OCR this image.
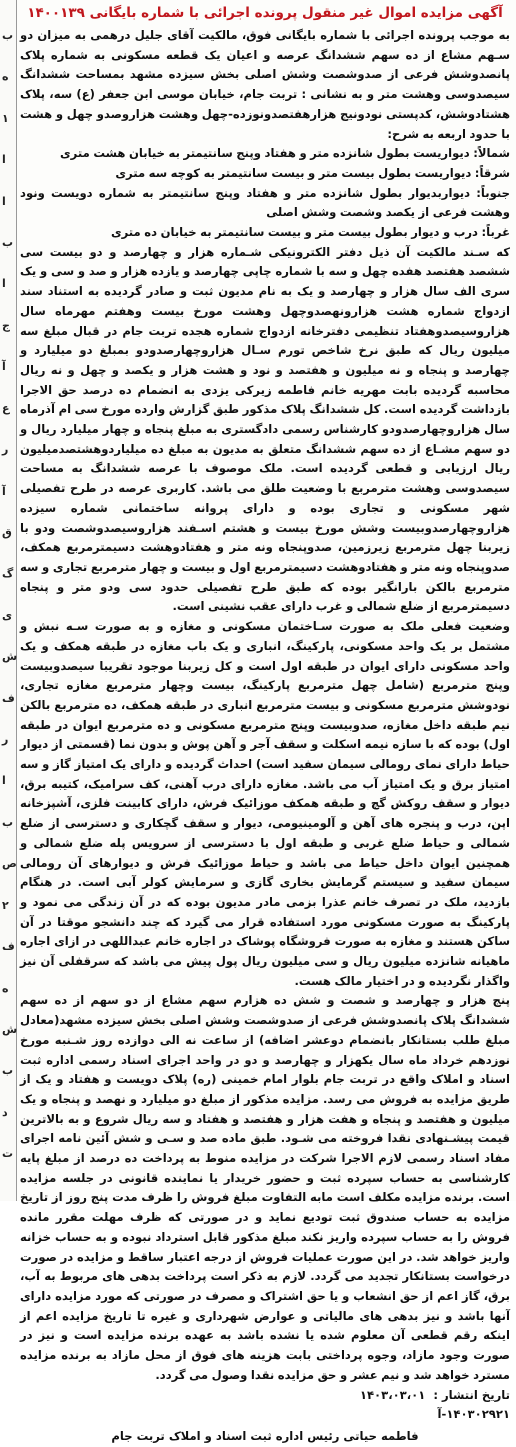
ب
ه
۱
ا
ا
ب
ا
ج
آ
ع
ر
آ
ق
گ
ی
ش
ف
ر
ا
ب
ص
۲
ف
ه
ش
ب
د
ت
آگهی مزایده اموال غیر منقول پرونده اجرائی با شماره بایگانی ۱۴۰۰۱۳۹

به موجب پرونده اجرائی با شماره بایگانی فوق، مالکیت آقای جلیل درهمی به میزان دو سـهم مشاع از ده سهم ششدانگ عرصه و اعیان یک قطعه مسکونی به شماره پلاک پانصدوشش فرعی از صدوشصت وشش اصلی بخش سیزده مشهد بمساحت ششدانگ سیصدوسی وهشت متر و به نشانی : تربت جام، خیابان موسی ابن جعفر (ع) سه، پلاک هشتادوشش، کدپستی نودونیج هزارهفتصدونوزده-چهل وهشت هزاروصدو چهل و هشت با حدود اربعه به شرح:

شمالاً: دیواریست بطول شانزده متر و هفتاد وپنج سانتیمتر به خیابان هشت متری

شرقاً: دیواریست بطول بیست متر و بیست سانتیمتر به کوچه سه متری

جنوباً: دیواربدیوار بطول شانزده متر و هفتاد وپنج سانتیمتر به شماره دویست ونود وهشت فرعی از یکصد وشصت وشش اصلی

غرباً: درب و دیوار بطول بیست متر و بیست سانتیمتر به خیابان ده متری

که سـند مالکیت آن ذیل دفتر الکترونیکی شـماره هزار و چهارصد و دو بیست سی ششصد هفتصد هفده چهل و سه با شماره چاپی چهارصد و یازده هزار و صد و سی و یک سری الف سال هزار و چهارصد و یک به نام مدیون ثبت و صادر گردیده به استناد سند ازدواج شماره هشت هزارونهصدوچهل وهشت مورخ بیست وهفتم مهرماه سال هزاروسیصدوهفتاد تنظیمی دفترخانه ازدواج شماره هجده تربت جام در قبال مبلغ سه میلیون ریال که طبق نرخ شاخص تورم سـال هزاروچهارصدودو بمبلغ دو میلیارد و چهارصد و پنجاه و نه میلیون و هفتصد و نود و هشت هزار و یکصد و چهل و نه ریال محاسبه گردیده بابت مهریه خانم فاطمه زیرکی یزدی به انضمام ده درصد حق الاجرا بازداشت گردیده است. کل ششدانگ پلاک مذکور طبق گزارش وارده مورخ سی ام آذرماه سال هزاروچهارصدودو کارشناس رسمی دادگستری به مبلغ پنجاه و چهار میلیارد ریال و دو سهم مشـاع از ده سهم ششدانگ متعلق به مدیون به مبلغ ده میلیاردوهشتصدمیلیون ریال ارزیابی و قطعی گردیده است. ملک موصوف با عرصه ششدانگ به مساحت سیصدوسی وهشت مترمربع با وضعیت طلق می باشد. کاربری عرصه در طرح تفصیلی شهر مسکونی و تجاری بوده و دارای پروانه ساختمانی شماره سیزده هزاروچهارصدوبیست وشش مورخ بیست و هشتم اسـفند هزاروسیصدوشصت ودو با زیربنا چهل مترمربع زیرزمین، صدوپنجاه ونه متر و هفتادوهشت دسیمترمربع همکف، صدوپنجاه ونه متر و هفتادوهشت دسیمترمربع اول و بیست و چهار مترمربع تجاری و سه مترمربع بالکن بارانگیر بوده که طبق طرح تفصیلی حدود سی ودو متر و پنجاه دسیمترمربع از ضلع شمالی و غرب دارای عقب نشینی است.

وضعیت فعلی ملک به صورت سـاختمان مسکونی و مغازه و به صورت سـه نبش و مشتمل بر یک واحد مسکونی، پارکینگ، انباری و یک باب مغازه در طبقه همکف و یک واحد مسکونی دارای ایوان در طبقه اول است و کل زیربنا موجود تقریبا سیصدوبیست وپنج مترمربع (شامل چهل مترمربع پارکینگ، بیست وچهار مترمربع مغازه تجاری، نودوشش مترمربع مسکونی و بیست مترمربع انباری در طبقه همکف، ده مترمربع بالکن نیم طبقه داخل مغازه، صدوبیست وپنج مترمربع مسکونی و ده مترمربع ایوان در طبقه اول) بوده که با سازه نیمه اسکلت و سقف آجر و آهن پوش و بدون نما (قسمتی از دیوار حیاط دارای نمای رومالی سیمان سفید است) احداث گردیده و دارای یک امتیاز گاز و سه امتیاز برق و یک امتیاز آب می باشد. مغازه دارای درب آهنی، کف سرامیک، کتیبه برق، دیوار و سقف روکش گچ و طبقه همکف موزائیک فرش، دارای کابینت فلزی، آشپزخانه اپن، درب و پنجره های آهن و آلومینیومی، دیوار و سقف گچکاری و دسترسی از ضلع شمالی و حیاط ضلع غربی و طبقه اول با دسترسی از سرویس پله ضلع شمالی و همچنین ایوان داخل حیاط می باشد و حیاط موزائیک فرش و دیوارهای آن رومالی سیمان سفید و سیستم گرمایش بخاری گازی و سرمایش کولر آبی است. در هنگام بازدید، ملک در تصرف خانم عذرا بزمی مادر مدیون بوده که در آن زندگی می نمود و پارکینگ به صورت مسکونی مورد استفاده قرار می گیرد که چند دانشجو موقتا در آن ساکن هستند و مغازه به صورت فروشگاه پوشاک در اجاره خانم عبداللهی در ازای اجاره ماهیانه شانزده میلیون ریال و سی میلیون ریال پول پیش می باشد که سرقفلی آن نیز واگذار نگردیده و در اختیار مالک هست.

پنج هزار و چهارصد و شصت و شش ده هزارم سهم مشاع از دو سهم از ده سهم ششدانگ پلاک پانصدوشش فرعی از صدوشصت وشش اصلی بخش سیزده مشهد(معادل مبلغ طلب بستانکار بانضمام دوعشر اضافه) از ساعت نه الی دوازده روز شـنبه مورخ نوزدهم خرداد ماه سال یکهزار و چهارصد و دو در واحد اجرای اسناد رسمی اداره ثبت اسناد و املاک واقع در تربت جام بلوار امام خمینی (ره) پلاک دویست و هفتاد و یک از طریق مزایده به فروش می رسد. مزایده مذکور از مبلغ دو میلیارد و نهصد و پنجاه و یک میلیون و هفتصد و پنجاه و هفت هزار و هفتصد و هفتاد و سه ریال شروع و به بالاترین قیمت پیشـنهادی نقدا فروخته می شـود. طبق ماده صد و سـی و شش آئین نامه اجرای مفاد اسناد رسمی لازم الاجرا شرکت در مزایده منوط به پرداخت ده درصد از مبلغ پایه کارشناسی به حساب سپرده ثبت و حضور خریدار یا نماینده قانونی در جلسه مزایده است. برنده مزایده مکلف است مابه التفاوت مبلغ فروش را ظرف مدت پنج روز از تاریخ مزایده به حساب صندوق ثبت تودیع نماید و در صورتی که ظرف مهلت مقرر مانده فروش را به حساب سپرده واریز نکند مبلغ مذکور قابل استرداد نبوده و به حساب خزانه واریز خواهد شد. در این صورت عملیات فروش از درجه اعتبار ساقط و مزایده در صورت درخواست بستانکار تجدید می گردد. لازم به ذکر است پرداخت بدهی های مربوط به آب، برق، گاز اعم از حق انشعاب و یا حق اشتراک و مصرف در صورتی که مورد مزایده دارای آنها باشد و نیز بدهی های مالیاتی و عوارض شهرداری و غیره تا تاریخ مزایده اعم از اینکه رقم قطعی آن معلوم شده یا نشده باشد به عهده برنده مزایده است و نیز در صورت وجود مازاد، وجوه پرداختی بابت هزینه های فوق از محل مازاد به برنده مزایده مسترد خواهد شد و نیم عشر و حق مزایده نقدا وصول می گردد.

تاریخ انتشار :
۱۴۰۳،۰۳،۰۱
۱۴۰۳۰۲۹۲۱-آ
فاطمه حیاتی رئیس اداره ثبت اسناد و املاک تربت جام
